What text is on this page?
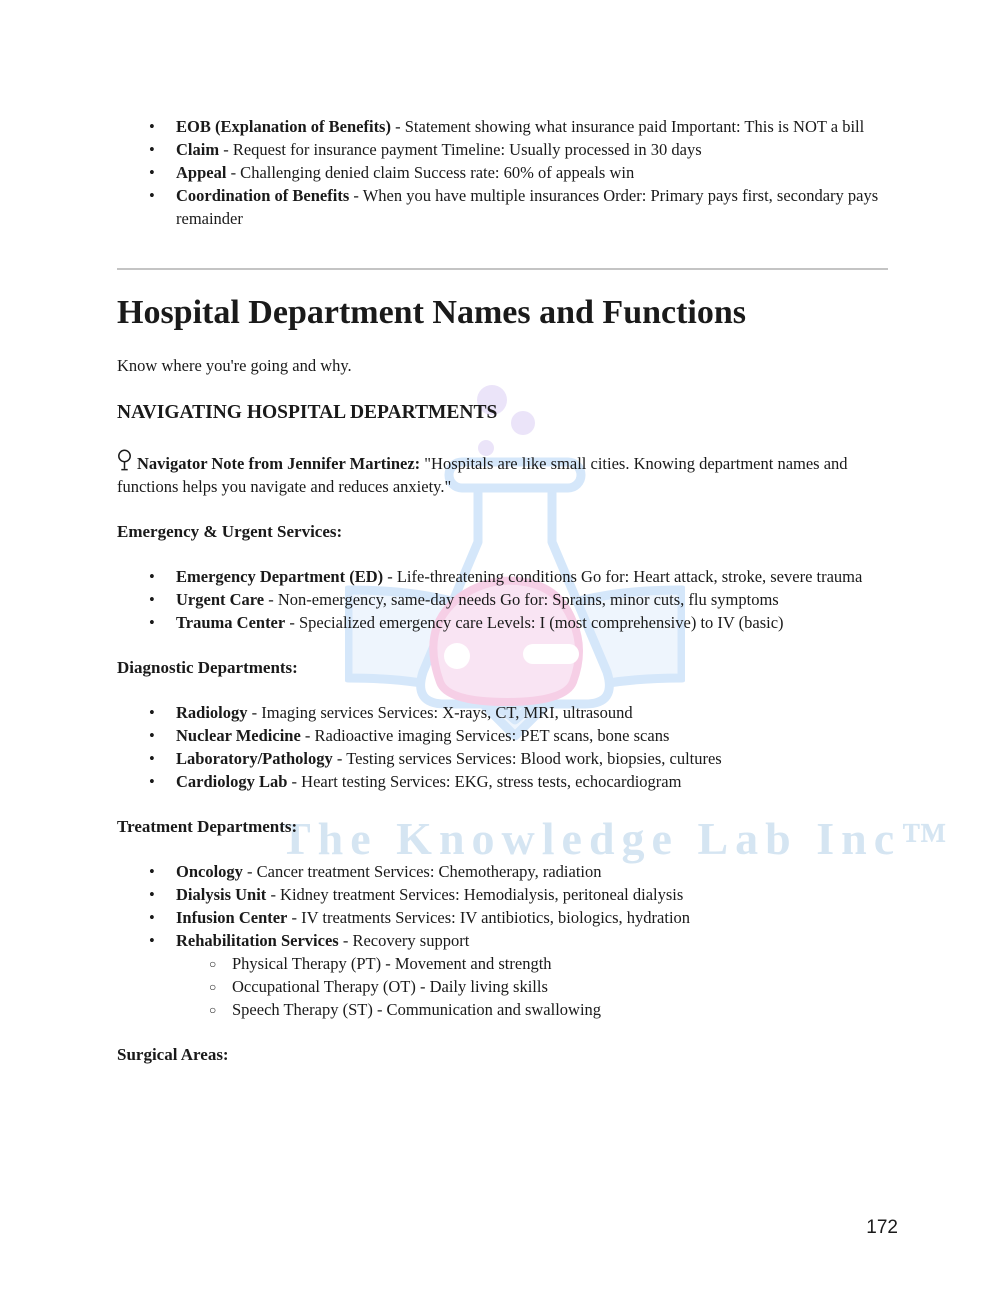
The Knowledge Lab Inc™
• EOB (Explanation of Benefits) - Statement showing what insurance paid Important: This is NOT a bill
• Claim - Request for insurance payment Timeline: Usually processed in 30 days
• Appeal - Challenging denied claim Success rate: 60% of appeals win
• Coordination of Benefits - When you have multiple insurances Order: Primary pays first, secondary pays remainder
Hospital Department Names and Functions

Know where you're going and why.

NAVIGATING HOSPITAL DEPARTMENTS

Navigator Note from Jennifer Martinez: "Hospitals are like small cities. Knowing department names and functions helps you navigate and reduces anxiety."

Emergency & Urgent Services:

• Emergency Department (ED) - Life-threatening conditions Go for: Heart attack, stroke, severe trauma
• Urgent Care - Non-emergency, same-day needs Go for: Sprains, minor cuts, flu symptoms
• Trauma Center - Specialized emergency care Levels: I (most comprehensive) to IV (basic)

Diagnostic Departments:

• Radiology - Imaging services Services: X-rays, CT, MRI, ultrasound
• Nuclear Medicine - Radioactive imaging Services: PET scans, bone scans
• Laboratory/Pathology - Testing services Services: Blood work, biopsies, cultures
• Cardiology Lab - Heart testing Services: EKG, stress tests, echocardiogram

Treatment Departments:

• Oncology - Cancer treatment Services: Chemotherapy, radiation
• Dialysis Unit - Kidney treatment Services: Hemodialysis, peritoneal dialysis
• Infusion Center - IV treatments Services: IV antibiotics, biologics, hydration
• Rehabilitation Services - Recovery support
○ Physical Therapy (PT) - Movement and strength
○ Occupational Therapy (OT) - Daily living skills
○ Speech Therapy (ST) - Communication and swallowing

Surgical Areas:

172
